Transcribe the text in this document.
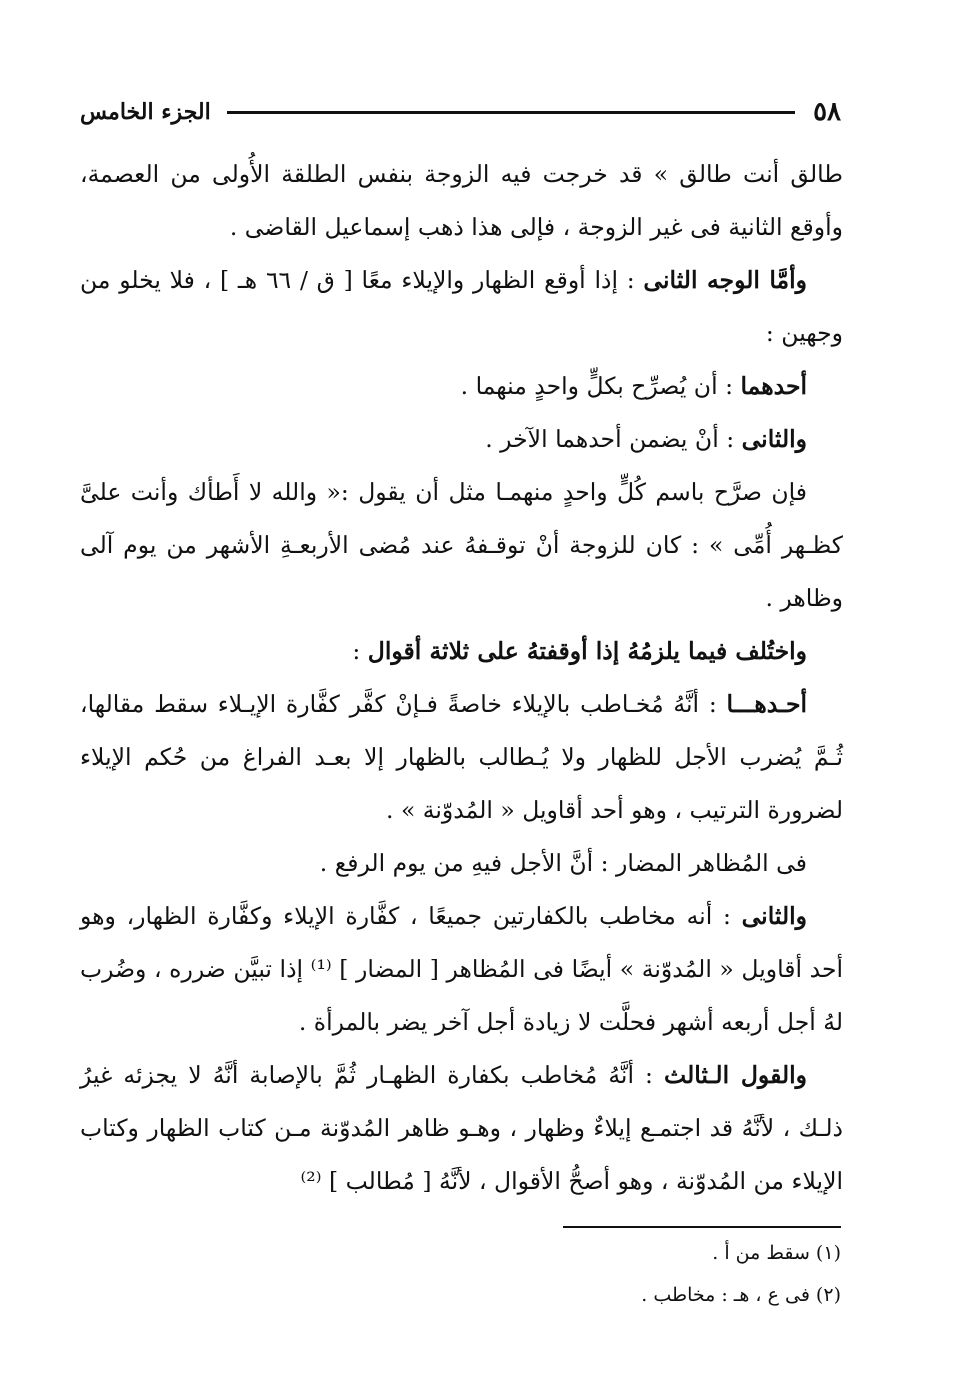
٥٨
الجزء الخامس

طالق أنت طالق » قد خرجت فيه الزوجة بنفس الطلقة الأُولى من العصمة، وأوقع الثانية فى غير الزوجة ، فإلى هذا ذهب إسماعيل القاضى .

وأمَّا الوجه الثانى : إذا أوقع الظهار والإيلاء معًا [ ق / ٦٦ هـ ] ، فلا يخلو من وجهين :

أحدهما : أن يُصرِّح بكلٍّ واحدٍ منهما .

والثانى : أنْ يضمن أحدهما الآخر .

فإن صرَّح باسم كُلٍّ واحدٍ منهمـا مثل أن يقول :« والله لا أَطأك وأنت علىَّ كظـهر أُمِّى » : كان للزوجة أنْ توقـفهُ عند مُضى الأربعـةِ الأشهر من يوم آلى وظاهر .

واختُلف فيما يلزمُهُ إذا أوقفتهُ على ثلاثة أقوال :

أحـدهـــا : أنَّهُ مُخـاطب بالإيلاء خاصةً فـإنْ كفَّر كفَّارة الإيـلاء سقط مقالها، ثُـمَّ يُضرب الأجل للظهار ولا يُـطالب بالظهار إلا بعـد الفراغ من حُكم الإيلاء لضرورة الترتيب ، وهو أحد أقاويل « المُدوّنة » .

فى المُظاهر المضار : أنَّ الأجل فيهِ من يوم الرفع .

والثانى : أنه مخاطب بالكفارتين جميعًا ، كفَّارة الإيلاء وكفَّارة الظهار، وهو أحد أقاويل « المُدوّنة » أيضًا فى المُظاهر [ المضار ] ⁽¹⁾ إذا تبيَّن ضرره ، وضُرب لهُ أجل أربعه أشهر فحلَّت لا زيادة أجل آخر يضر بالمرأة .

والقول الـثالث : أنَّهُ مُخاطب بكفارة الظهـار ثُمَّ بالإصابة أنَّهُ لا يجزئه غيرُ ذلـك ، لأنَّهُ قد اجتمـع إيلاءٌ وظهار ، وهـو ظاهر المُدوّنة مـن كتاب الظهار وكتاب الإيلاء من المُدوّنة ، وهو أصحُّ الأقوال ، لأنَّهُ [ مُطالب ] ⁽²⁾

(١) سقط من أ .

(٢) فى ع ، هـ : مخاطب .
